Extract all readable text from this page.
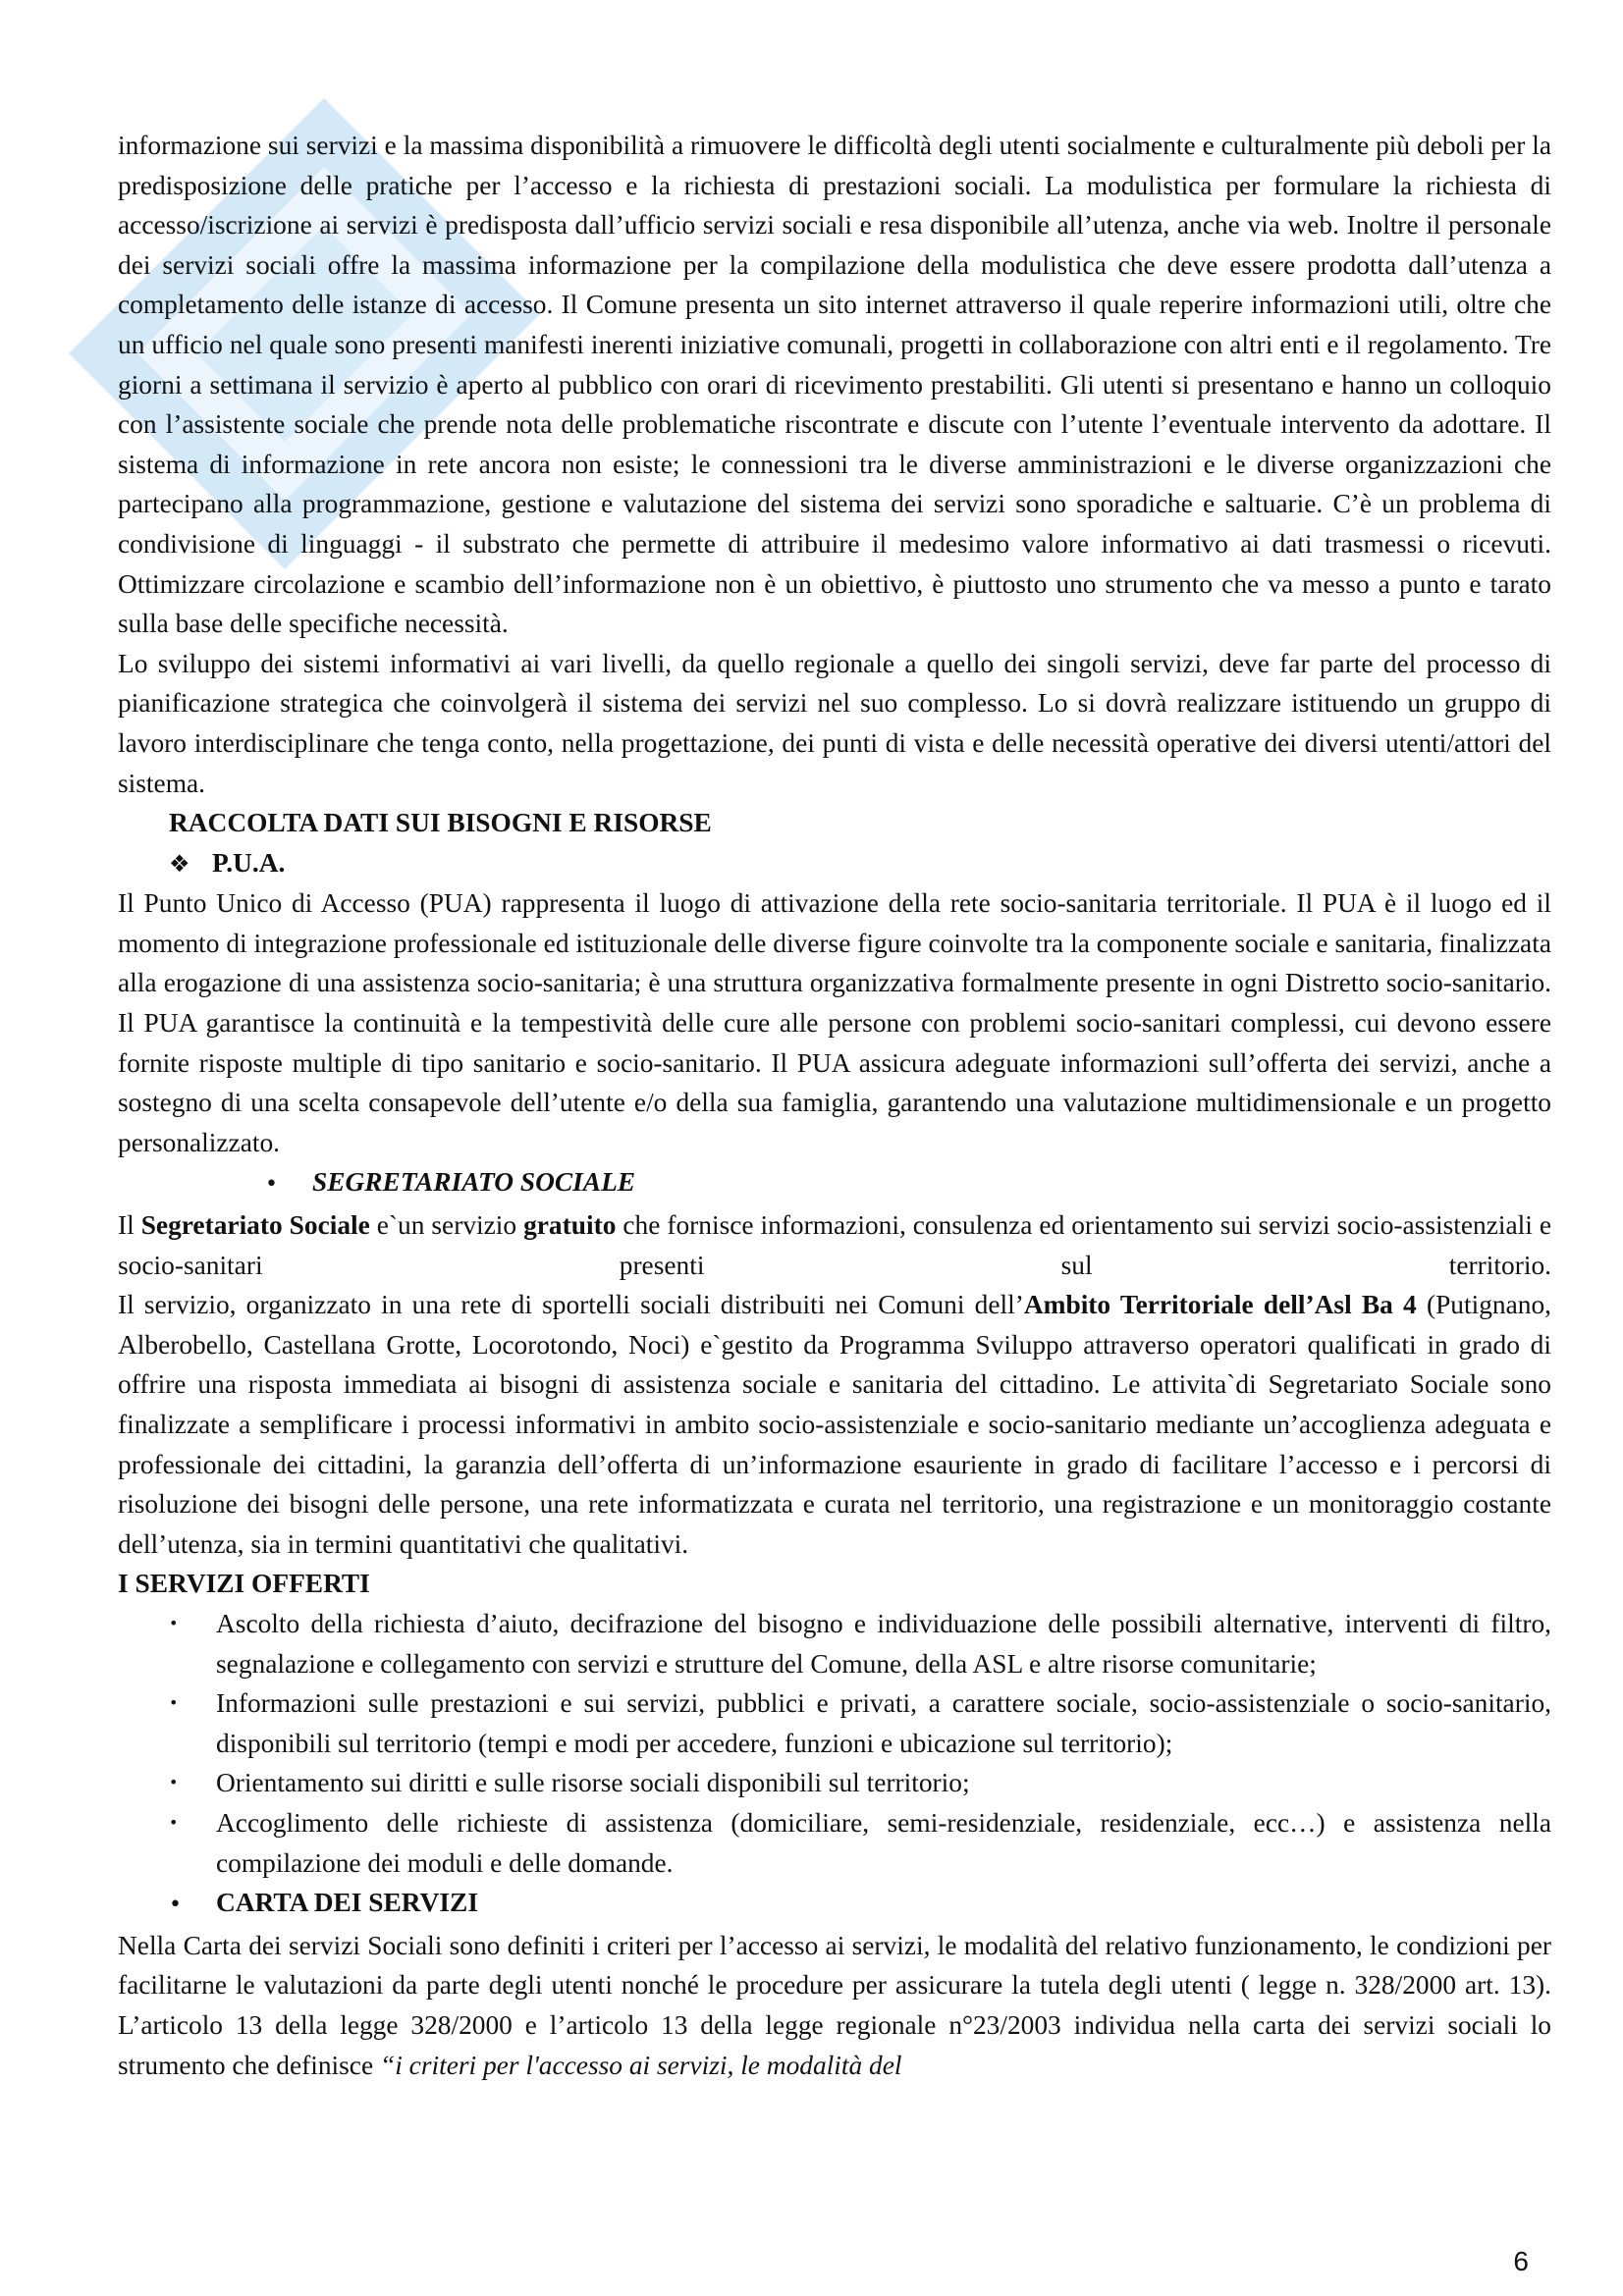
informazione sui servizi e la massima disponibilità a rimuovere le difficoltà degli utenti socialmente e culturalmente più deboli per la predisposizione delle pratiche per l’accesso e la richiesta di prestazioni sociali. La modulistica per formulare la richiesta di accesso/iscrizione ai servizi è predisposta dall’ufficio servizi sociali e resa disponibile all’utenza, anche via web. Inoltre il personale dei servizi sociali offre la massima informazione per la compilazione della modulistica che deve essere prodotta dall’utenza a completamento delle istanze di accesso. Il Comune presenta un sito internet attraverso il quale reperire informazioni utili, oltre che un ufficio nel quale sono presenti manifesti inerenti iniziative comunali, progetti in collaborazione con altri enti e il regolamento. Tre giorni a settimana il servizio è aperto al pubblico con orari di ricevimento prestabiliti. Gli utenti si presentano e hanno un colloquio con l’assistente sociale che prende nota delle problematiche riscontrate e discute con l’utente l’eventuale intervento da adottare. Il sistema di informazione in rete ancora non esiste; le connessioni tra le diverse amministrazioni e le diverse organizzazioni che partecipano alla programmazione, gestione e valutazione del sistema dei servizi sono sporadiche e saltuarie. C’è un problema di condivisione di linguaggi - il substrato che permette di attribuire il medesimo valore informativo ai dati trasmessi o ricevuti. Ottimizzare circolazione e scambio dell’informazione non è un obiettivo, è piuttosto uno strumento che va messo a punto e tarato sulla base delle specifiche necessità.

Lo sviluppo dei sistemi informativi ai vari livelli, da quello regionale a quello dei singoli servizi, deve far parte del processo di pianificazione strategica che coinvolgerà il sistema dei servizi nel suo complesso. Lo si dovrà realizzare istituendo un gruppo di lavoro interdisciplinare che tenga conto, nella progettazione, dei punti di vista e delle necessità operative dei diversi utenti/attori del sistema.

RACCOLTA DATI SUI BISOGNI E RISORSE

❖ P.U.A.

Il Punto Unico di Accesso (PUA) rappresenta il luogo di attivazione della rete socio-sanitaria territoriale. Il PUA è il luogo ed il momento di integrazione professionale ed istituzionale delle diverse figure coinvolte tra la componente sociale e sanitaria, finalizzata alla erogazione di una assistenza socio-sanitaria; è una struttura organizzativa formalmente presente in ogni Distretto socio-sanitario. Il PUA garantisce la continuità e la tempestività delle cure alle persone con problemi socio-sanitari complessi, cui devono essere fornite risposte multiple di tipo sanitario e socio-sanitario. Il PUA assicura adeguate informazioni sull’offerta dei servizi, anche a sostegno di una scelta consapevole dell’utente e/o della sua famiglia, garantendo una valutazione multidimensionale e un progetto personalizzato.

•	SEGRETARIATO SOCIALE

Il Segretariato Sociale e`un servizio gratuito che fornisce informazioni, consulenza ed orientamento sui servizi socio-assistenziali e socio-sanitari presenti sul territorio.

Il servizio, organizzato in una rete di sportelli sociali distribuiti nei Comuni dell’Ambito Territoriale dell’Asl Ba 4 (Putignano, Alberobello, Castellana Grotte, Locorotondo, Noci) e`gestito da Programma Sviluppo attraverso operatori qualificati in grado di offrire una risposta immediata ai bisogni di assistenza sociale e sanitaria del cittadino. Le attivita`di Segretariato Sociale sono finalizzate a semplificare i processi informativi in ambito socio-assistenziale e socio-sanitario mediante un’accoglienza adeguata e professionale dei cittadini, la garanzia dell’offerta di un’informazione esauriente in grado di facilitare l’accesso e i percorsi di risoluzione dei bisogni delle persone, una rete informatizzata e curata nel territorio, una registrazione e un monitoraggio costante dell’utenza, sia in termini quantitativi che qualitativi.

I SERVIZI OFFERTI

•	Ascolto della richiesta d’aiuto, decifrazione del bisogno e individuazione delle possibili alternative, interventi di filtro, segnalazione e collegamento con servizi e strutture del Comune, della ASL e altre risorse comunitarie;
•	Informazioni sulle prestazioni e sui servizi, pubblici e privati, a carattere sociale, socio-assistenziale o socio-sanitario, disponibili sul territorio (tempi e modi per accedere, funzioni e ubicazione sul territorio);
•	Orientamento sui diritti e sulle risorse sociali disponibili sul territorio;
•	Accoglimento delle richieste di assistenza (domiciliare, semi-residenziale, residenziale, ecc…) e assistenza nella compilazione dei moduli e delle domande.
•	CARTA DEI SERVIZI

Nella Carta dei servizi Sociali sono definiti i criteri per l’accesso ai servizi, le modalità del relativo funzionamento, le condizioni per facilitarne le valutazioni da parte degli utenti nonché le procedure per assicurare la tutela degli utenti ( legge n. 328/2000 art. 13). L’articolo 13 della legge 328/2000 e l’articolo 13 della legge regionale n°23/2003 individua nella carta dei servizi sociali lo strumento che definisce “i criteri per l'accesso ai servizi, le modalità del

6
